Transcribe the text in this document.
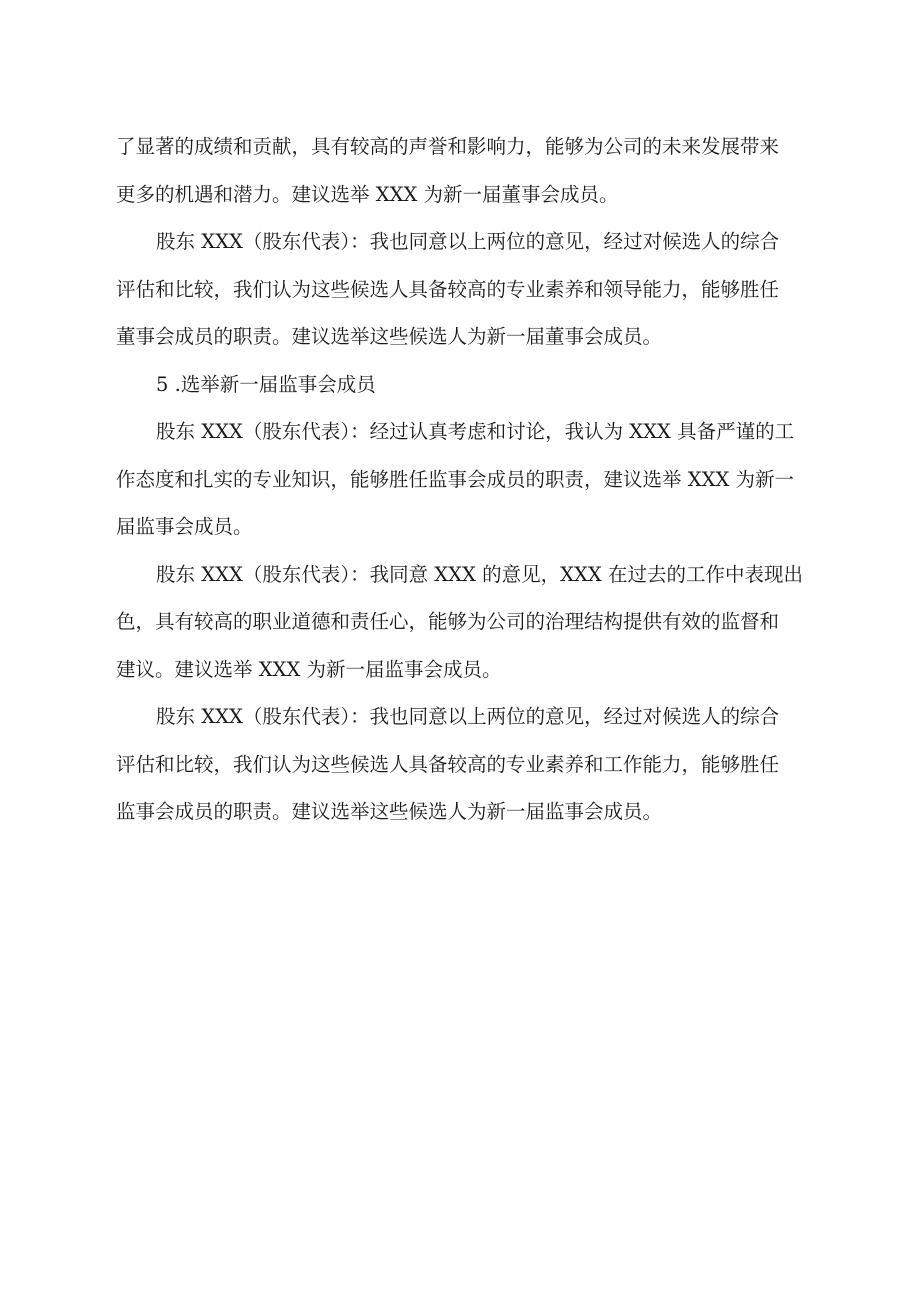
了显著的成绩和贡献，具有较高的声誉和影响力，能够为公司的未来发展带来
更多的机遇和潜力。建议选举 XXX 为新一届董事会成员。
股东 XXX（股东代表）：我也同意以上两位的意见，经过对候选人的综合
评估和比较，我们认为这些候选人具备较高的专业素养和领导能力，能够胜任
董事会成员的职责。建议选举这些候选人为新一届董事会成员。
5 .选举新一届监事会成员
股东 XXX（股东代表）：经过认真考虑和讨论，我认为 XXX 具备严谨的工
作态度和扎实的专业知识，能够胜任监事会成员的职责，建议选举 XXX 为新一
届监事会成员。
股东 XXX（股东代表）：我同意 XXX 的意见，XXX 在过去的工作中表现出
色，具有较高的职业道德和责任心，能够为公司的治理结构提供有效的监督和
建议。建议选举 XXX 为新一届监事会成员。
股东 XXX（股东代表）：我也同意以上两位的意见，经过对候选人的综合
评估和比较，我们认为这些候选人具备较高的专业素养和工作能力，能够胜任
监事会成员的职责。建议选举这些候选人为新一届监事会成员。
